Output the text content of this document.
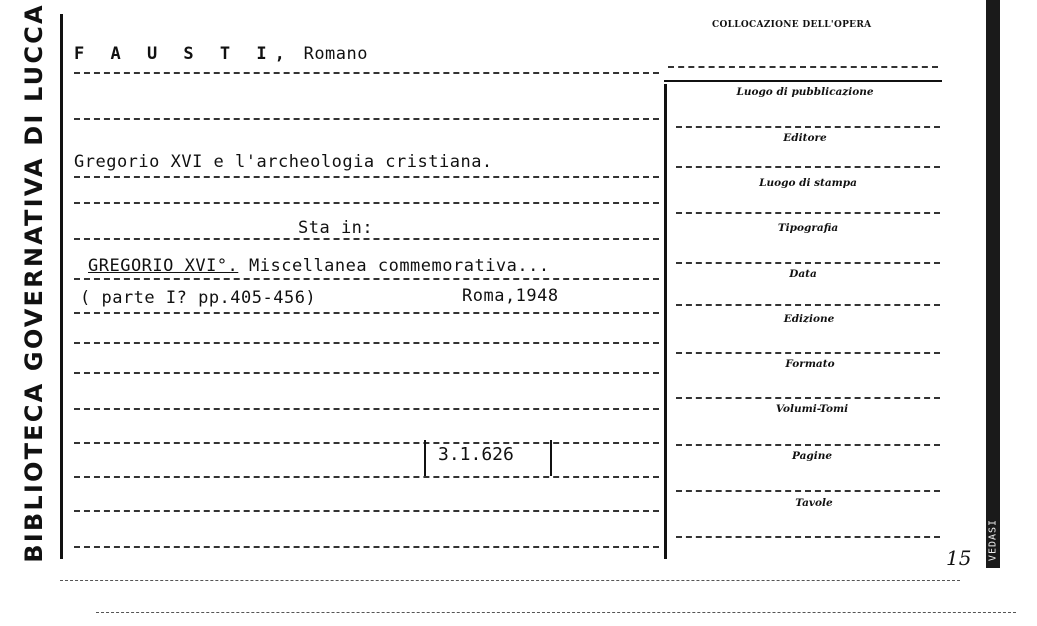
BIBLIOTECA GOVERNATIVA DI LUCCA	COLLOCAZIONE DELL'OPERA
F A U S T I, Romano
Gregorio XVI e l'archeologia cristiana.
Sta in:
GREGORIO XVI°. Miscellanea commemorativa...
( parte I? pp.405-456)	Roma,1948
3.1.626
Luogo di pubblicazione
Editore
Luogo di stampa
Tipografia
Data
Edizione
Formato
Volumi-Tomi
Pagine
Tavole
15 VEDASI
